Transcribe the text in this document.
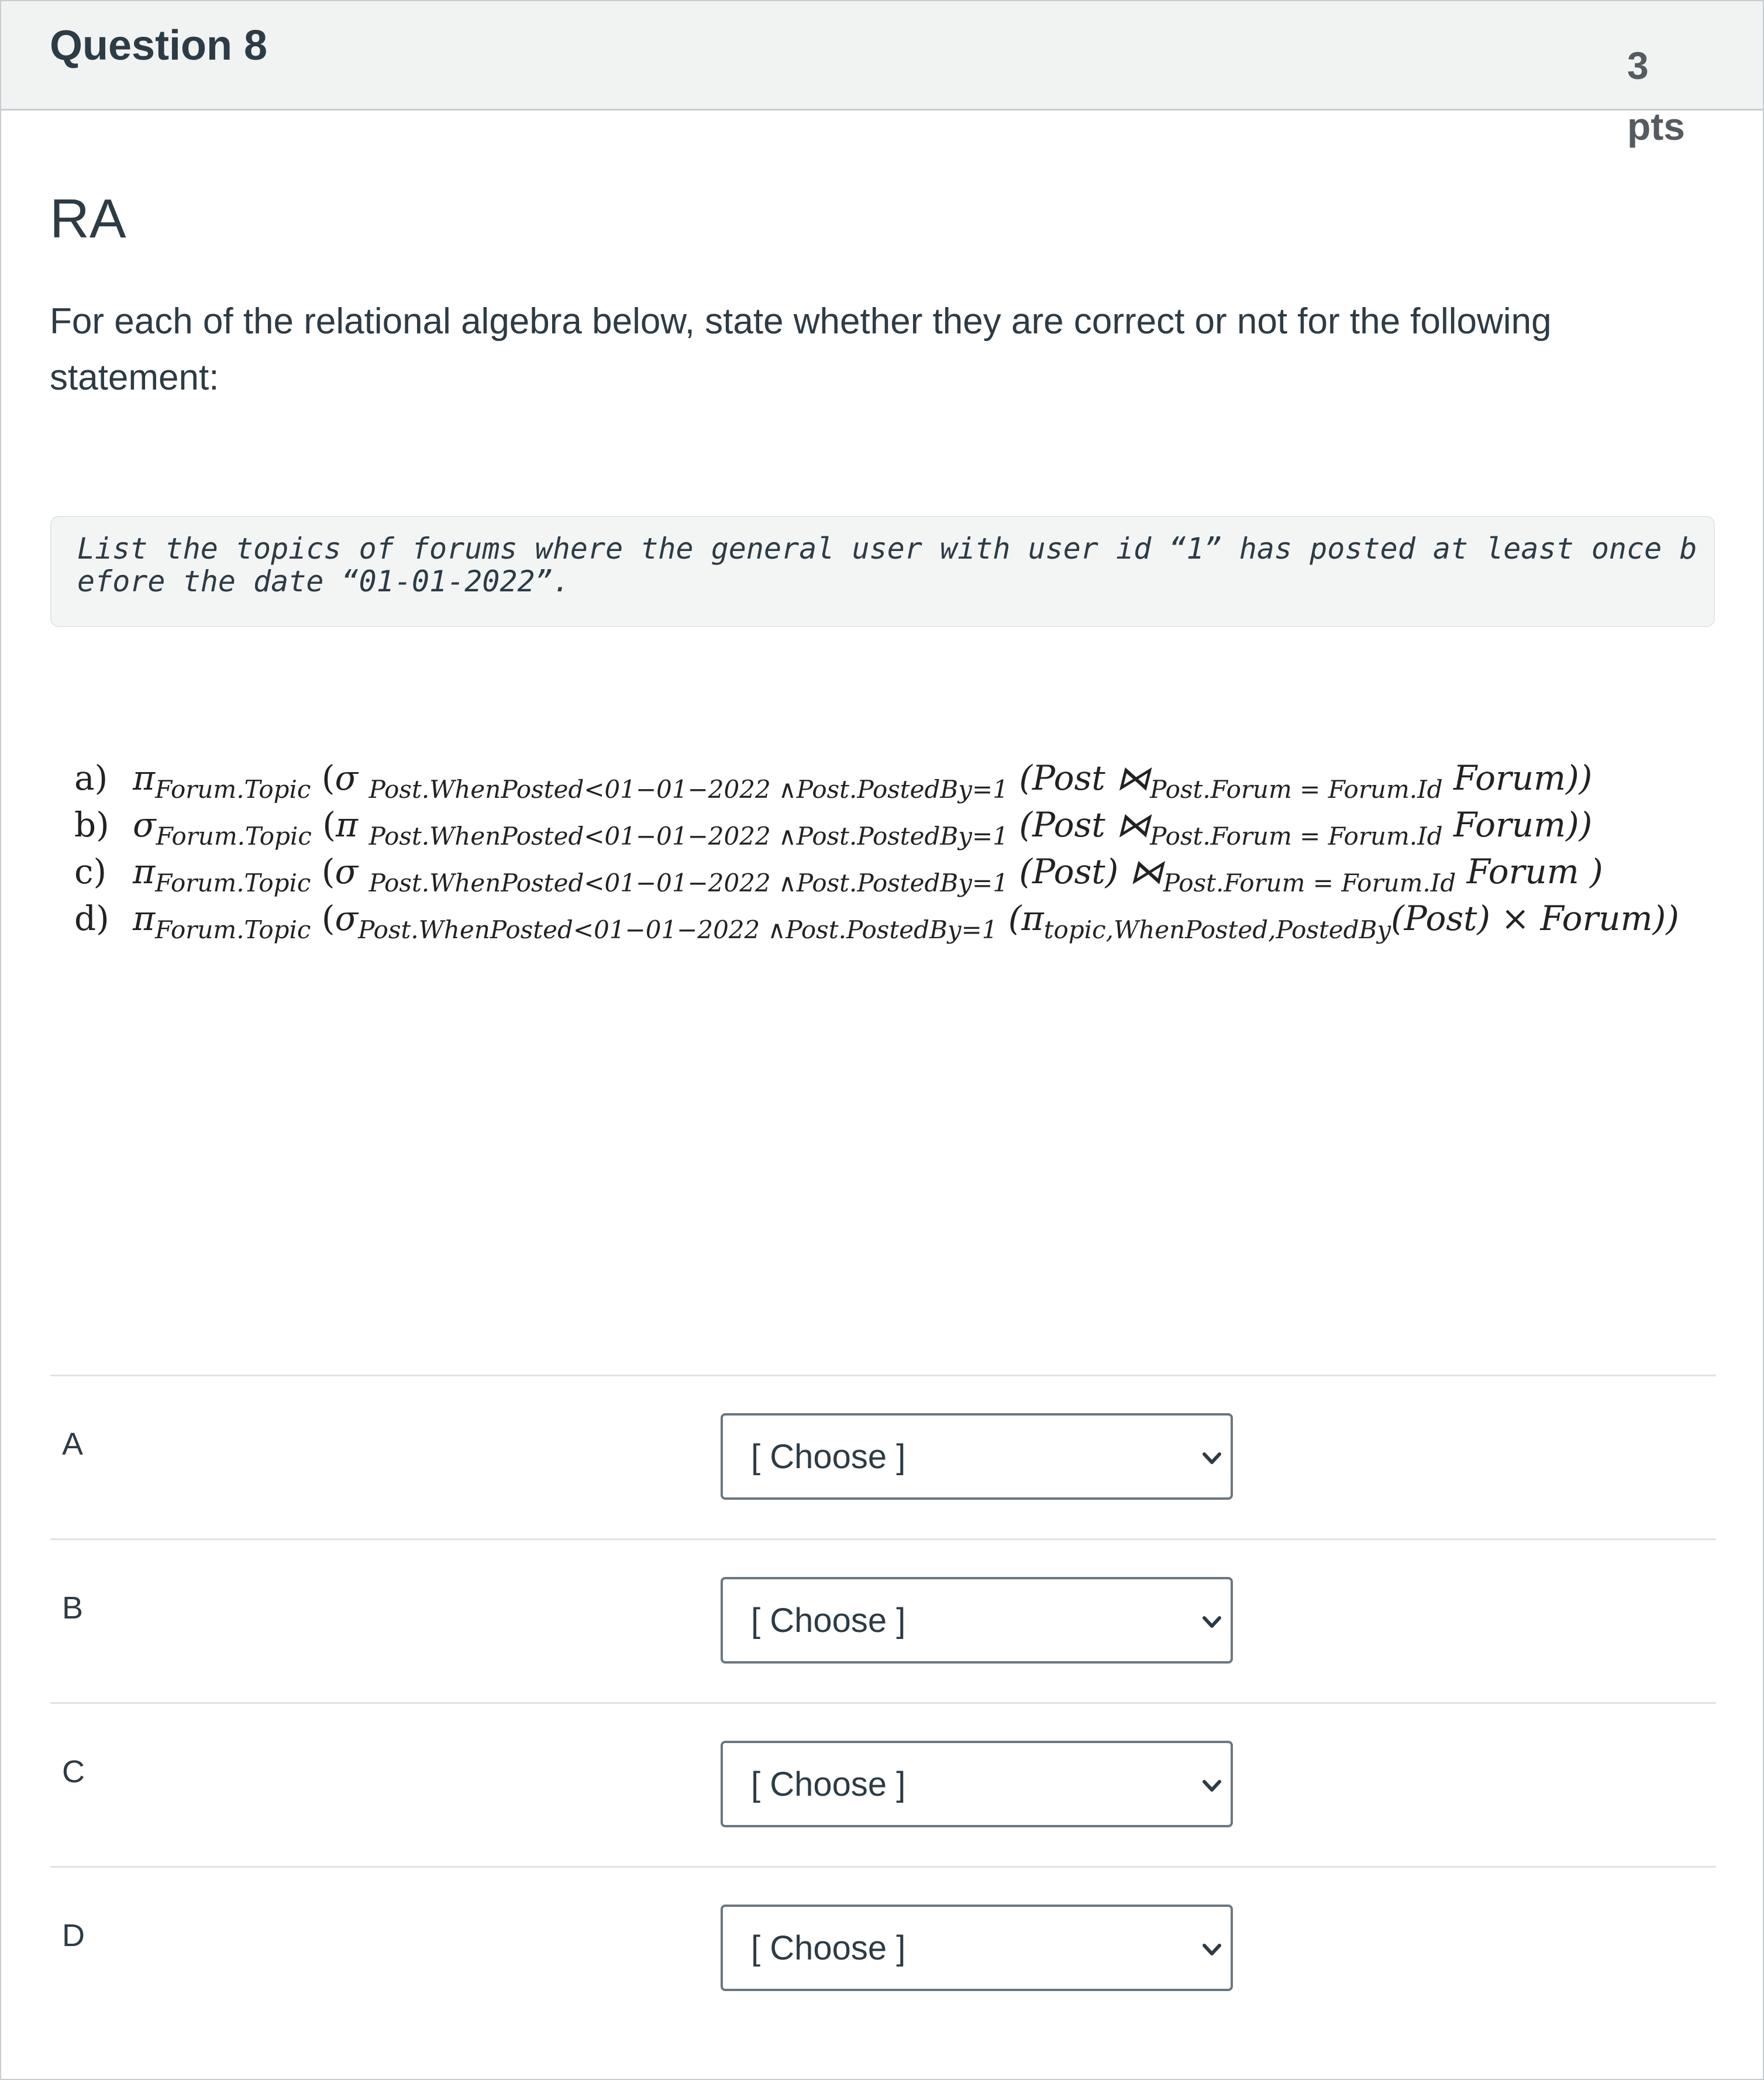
Question 8	3 pts
RA
For each of the relational algebra below, state whether they are correct or not for the following statement:
List the topics of forums where the general user with user id “1” has posted at least once before the date “01-01-2022”.
a) $\pi_{Forum.Topic}$ (σ $_{Post.WhenPosted<01-01-2022 \wedge Post.PostedBy=1}$ (Post $⋈_{Post.Forum = Forum.Id}$ Forum))
b) $\sigma_{Forum.Topic}$ (π $_{Post.WhenPosted<01-01-2022 \wedge Post.PostedBy=1}$ (Post $⋈_{Post.Forum = Forum.Id}$ Forum))
c) $\pi_{Forum.Topic}$ (σ $_{Post.WhenPosted<01-01-2022 \wedge Post.PostedBy=1}$ (Post) $⋈_{Post.Forum = Forum.Id}$ Forum )
d) $\pi_{Forum.Topic}$ ($\sigma_{Post.WhenPosted<01-01-2022 \wedge Post.PostedBy=1}$ ($\pi_{topic,WhenPosted,PostedBy}(Post)$ × Forum))
A	[ Choose ]
B	[ Choose ]
C	[ Choose ]
D	[ Choose ]
